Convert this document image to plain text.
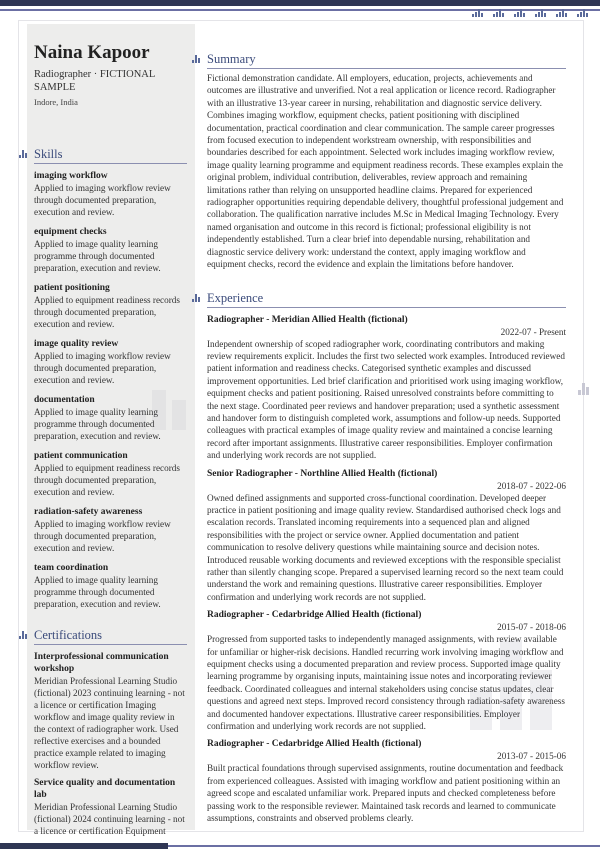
Naina Kapoor
Radiographer · FICTIONAL SAMPLE
Indore, India
Skills
imaging workflow
Applied to imaging workflow review through documented preparation, execution and review.
equipment checks
Applied to image quality learning programme through documented preparation, execution and review.
patient positioning
Applied to equipment readiness records through documented preparation, execution and review.
image quality review
Applied to imaging workflow review through documented preparation, execution and review.
documentation
Applied to image quality learning programme through documented preparation, execution and review.
patient communication
Applied to equipment readiness records through documented preparation, execution and review.
radiation-safety awareness
Applied to imaging workflow review through documented preparation, execution and review.
team coordination
Applied to image quality learning programme through documented preparation, execution and review.
Certifications
Interprofessional communication workshop
Meridian Professional Learning Studio (fictional) 2023 continuing learning - not a licence or certification Imaging workflow and image quality review in the context of radiographer work. Used reflective exercises and a bounded practice example related to imaging workflow review.
Service quality and documentation lab
Meridian Professional Learning Studio (fictional) 2024 continuing learning - not a licence or certification Equipment
Summary

Fictional demonstration candidate. All employers, education, projects, achievements and outcomes are illustrative and unverified. Not a real application or licence record. Radiographer with an illustrative 13-year career in nursing, rehabilitation and diagnostic service delivery. Combines imaging workflow, equipment checks, patient positioning with disciplined documentation, practical coordination and clear communication. The sample career progresses from focused execution to independent workstream ownership, with responsibilities and boundaries described for each appointment. Selected work includes imaging workflow review, image quality learning programme and equipment readiness records. These examples explain the original problem, individual contribution, deliverables, review approach and remaining limitations rather than relying on unsupported headline claims. Prepared for experienced radiographer opportunities requiring dependable delivery, thoughtful professional judgement and collaboration. The qualification narrative includes M.Sc in Medical Imaging Technology. Every named organisation and outcome in this record is fictional; professional eligibility is not independently established. Turn a clear brief into dependable nursing, rehabilitation and diagnostic service delivery work: understand the context, apply imaging workflow and equipment checks, record the evidence and explain the limitations before handover.

Experience
Radiographer - Meridian Allied Health (fictional)
2022-07 - Present

Independent ownership of scoped radiographer work, coordinating contributors and making review requirements explicit. Includes the first two selected work examples. Introduced reviewed patient information and readiness checks. Categorised synthetic examples and discussed improvement opportunities. Led brief clarification and prioritised work using imaging workflow, equipment checks and patient positioning. Raised unresolved constraints before committing to the next stage. Coordinated peer reviews and handover preparation; used a synthetic assessment and handover form to distinguish completed work, assumptions and follow-up needs. Supported colleagues with practical examples of image quality review and maintained a concise learning record after important assignments. Illustrative career responsibilities. Employer confirmation and underlying work records are not supplied.

Senior Radiographer - Northline Allied Health (fictional)
2018-07 - 2022-06

Owned defined assignments and supported cross-functional coordination. Developed deeper practice in patient positioning and image quality review. Standardised authorised check logs and escalation records. Translated incoming requirements into a sequenced plan and aligned responsibilities with the project or service owner. Applied documentation and patient communication to resolve delivery questions while maintaining source and decision notes. Introduced reusable working documents and reviewed exceptions with the responsible specialist rather than silently changing scope. Prepared a supervised learning record so the next team could understand the work and remaining questions. Illustrative career responsibilities. Employer confirmation and underlying work records are not supplied.

Radiographer - Cedarbridge Allied Health (fictional)
2015-07 - 2018-06

Progressed from supported tasks to independently managed assignments, with review available for unfamiliar or higher-risk decisions. Handled recurring work involving imaging workflow and equipment checks using a documented preparation and review process. Supported image quality learning programme by organising inputs, maintaining issue notes and incorporating reviewer feedback. Coordinated colleagues and internal stakeholders using concise status updates, clear questions and agreed next steps. Improved record consistency through radiation-safety awareness and documented handover expectations. Illustrative career responsibilities. Employer confirmation and underlying work records are not supplied.

Radiographer - Cedarbridge Allied Health (fictional)
2013-07 - 2015-06

Built practical foundations through supervised assignments, routine documentation and feedback from experienced colleagues. Assisted with imaging workflow and patient positioning within an agreed scope and escalated unfamiliar work. Prepared inputs and checked completeness before passing work to the responsible reviewer. Maintained task records and learned to communicate assumptions, constraints and observed problems clearly.
